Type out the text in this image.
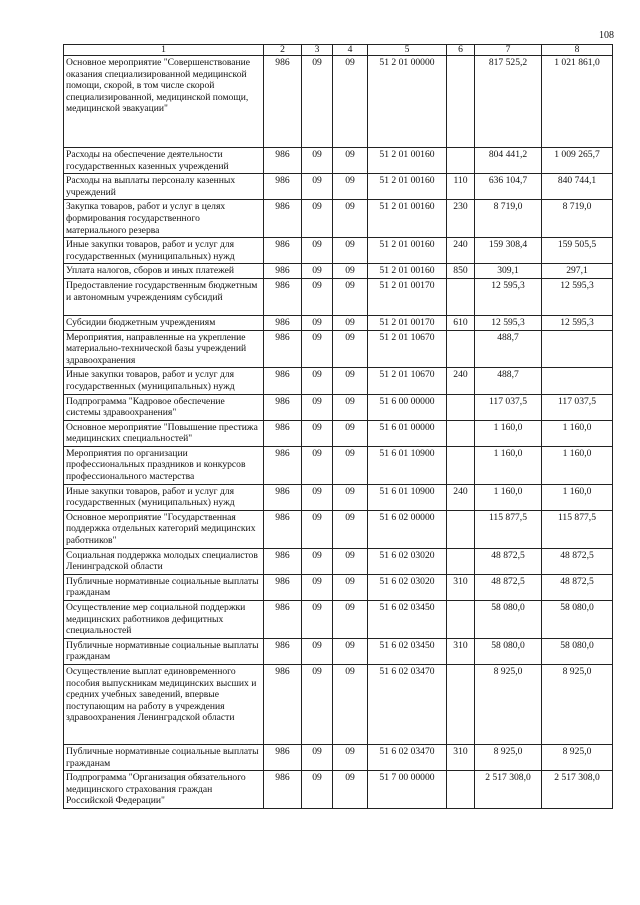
108
1	2	3	4	5	6	7	8
Основное мероприятие "Совершенствование оказания специализированной медицинской помощи, скорой, в том числе скорой специализированной, медицинской помощи, медицинской эвакуации"	986	09	09	51 2 01 00000		817 525,2	1 021 861,0
Расходы на обеспечение деятельности государственных казенных учреждений	986	09	09	51 2 01 00160		804 441,2	1 009 265,7
Расходы на выплаты персоналу казенных учреждений	986	09	09	51 2 01 00160	110	636 104,7	840 744,1
Закупка товаров, работ и услуг в целях формирования государственного материального резерва	986	09	09	51 2 01 00160	230	8 719,0	8 719,0
Иные закупки товаров, работ и услуг для государственных (муниципальных) нужд	986	09	09	51 2 01 00160	240	159 308,4	159 505,5
Уплата налогов, сборов и иных платежей	986	09	09	51 2 01 00160	850	309,1	297,1
Предоставление государственным бюджетным и автономным учреждениям субсидий	986	09	09	51 2 01 00170		12 595,3	12 595,3
Субсидии бюджетным учреждениям	986	09	09	51 2 01 00170	610	12 595,3	12 595,3
Мероприятия, направленные на укрепление материально-технической базы учреждений здравоохранения	986	09	09	51 2 01 10670		488,7	
Иные закупки товаров, работ и услуг для государственных (муниципальных) нужд	986	09	09	51 2 01 10670	240	488,7	
Подпрограмма "Кадровое обеспечение системы здравоохранения"	986	09	09	51 6 00 00000		117 037,5	117 037,5
Основное мероприятие "Повышение престижа медицинских специальностей"	986	09	09	51 6 01 00000		1 160,0	1 160,0
Мероприятия по организации профессиональных праздников и конкурсов профессионального мастерства	986	09	09	51 6 01 10900		1 160,0	1 160,0
Иные закупки товаров, работ и услуг для государственных (муниципальных) нужд	986	09	09	51 6 01 10900	240	1 160,0	1 160,0
Основное мероприятие "Государственная поддержка отдельных категорий медицинских работников"	986	09	09	51 6 02 00000		115 877,5	115 877,5
Социальная поддержка молодых специалистов Ленинградской области	986	09	09	51 6 02 03020		48 872,5	48 872,5
Публичные нормативные социальные выплаты гражданам	986	09	09	51 6 02 03020	310	48 872,5	48 872,5
Осуществление мер социальной поддержки медицинских работников дефицитных специальностей	986	09	09	51 6 02 03450		58 080,0	58 080,0
Публичные нормативные социальные выплаты гражданам	986	09	09	51 6 02 03450	310	58 080,0	58 080,0
Осуществление выплат единовременного пособия выпускникам медицинских высших и средних учебных заведений, впервые поступающим на работу в учреждения здравоохранения Ленинградской области	986	09	09	51 6 02 03470		8 925,0	8 925,0
Публичные нормативные социальные выплаты гражданам	986	09	09	51 6 02 03470	310	8 925,0	8 925,0
Подпрограмма "Организация обязательного медицинского страхования граждан Российской Федерации"	986	09	09	51 7 00 00000		2 517 308,0	2 517 308,0
